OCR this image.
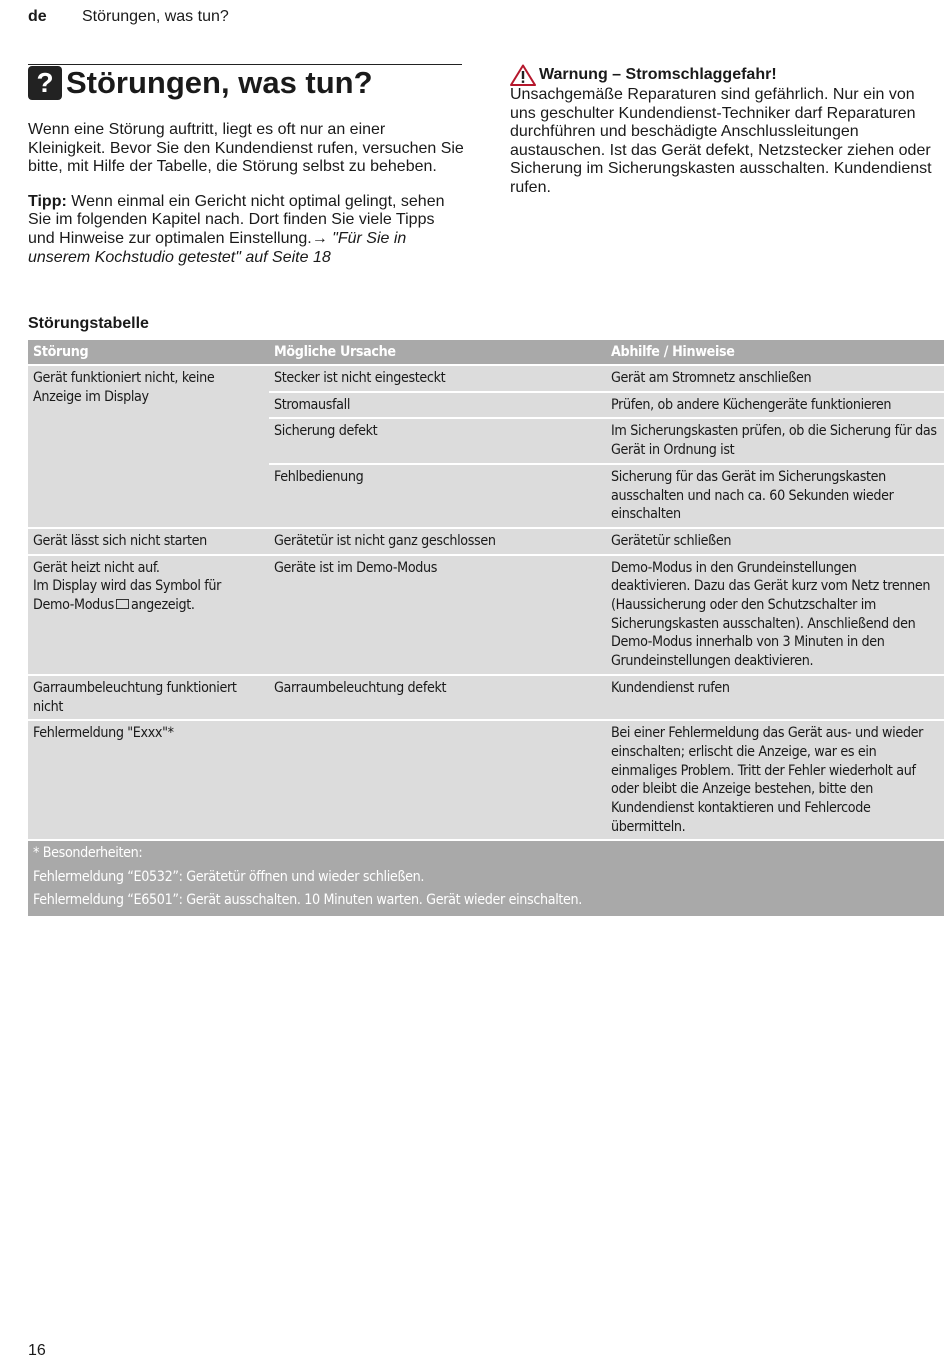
de Störungen, was tun?
? Störungen, was tun?

Wenn eine Störung auftritt, liegt es oft nur an einer Kleinigkeit. Bevor Sie den Kundendienst rufen, versuchen Sie bitte, mit Hilfe der Tabelle, die Störung selbst zu beheben.

Tipp: Wenn einmal ein Gericht nicht optimal gelingt, sehen Sie im folgenden Kapitel nach. Dort finden Sie viele Tipps und Hinweise zur optimalen Einstellung.→ "Für Sie in unserem Kochstudio getestet" auf Seite 18

Warnung – Stromschlaggefahr!

Unsachgemäße Reparaturen sind gefährlich. Nur ein von uns geschulter Kundendienst-Techniker darf Reparaturen durchführen und beschädigte Anschlussleitungen austauschen. Ist das Gerät defekt, Netzstecker ziehen oder Sicherung im Sicherungskasten ausschalten. Kundendienst rufen.

Störungstabelle
Störung	Mögliche Ursache	Abhilfe / Hinweise
Gerät funktioniert nicht, keine Anzeige im Display	Stecker ist nicht eingesteckt	Gerät am Stromnetz anschließen
	Stromausfall	Prüfen, ob andere Küchengeräte funktionieren
	Sicherung defekt	Im Sicherungskasten prüfen, ob die Sicherung für das Gerät in Ordnung ist
	Fehlbedienung	Sicherung für das Gerät im Sicherungskasten ausschalten und nach ca. 60 Sekunden wieder einschalten
Gerät lässt sich nicht starten	Gerätetür ist nicht ganz geschlossen	Gerätetür schließen
Gerät heizt nicht auf.
Im Display wird das Symbol für Demo-Modus angezeigt.	Geräte ist im Demo-Modus	Demo-Modus in den Grundeinstellungen deaktivieren. Dazu das Gerät kurz vom Netz trennen (Haussicherung oder den Schutzschalter im Sicherungskasten ausschalten). Anschließend den Demo-Modus innerhalb von 3 Minuten in den Grundeinstellungen deaktivieren.
Garraumbeleuchtung funktioniert nicht	Garraumbeleuchtung defekt	Kundendienst rufen
Fehlermeldung "Exxx"*		Bei einer Fehlermeldung das Gerät aus- und wieder einschalten; erlischt die Anzeige, war es ein einmaliges Problem. Tritt der Fehler wiederholt auf oder bleibt die Anzeige bestehen, bitte den Kundendienst kontaktieren und Fehlercode übermitteln.

* Besonderheiten:
Fehlermeldung “E0532”: Gerätetür öffnen und wieder schließen.
Fehlermeldung “E6501”: Gerät ausschalten. 10 Minuten warten. Gerät wieder einschalten.		
16
